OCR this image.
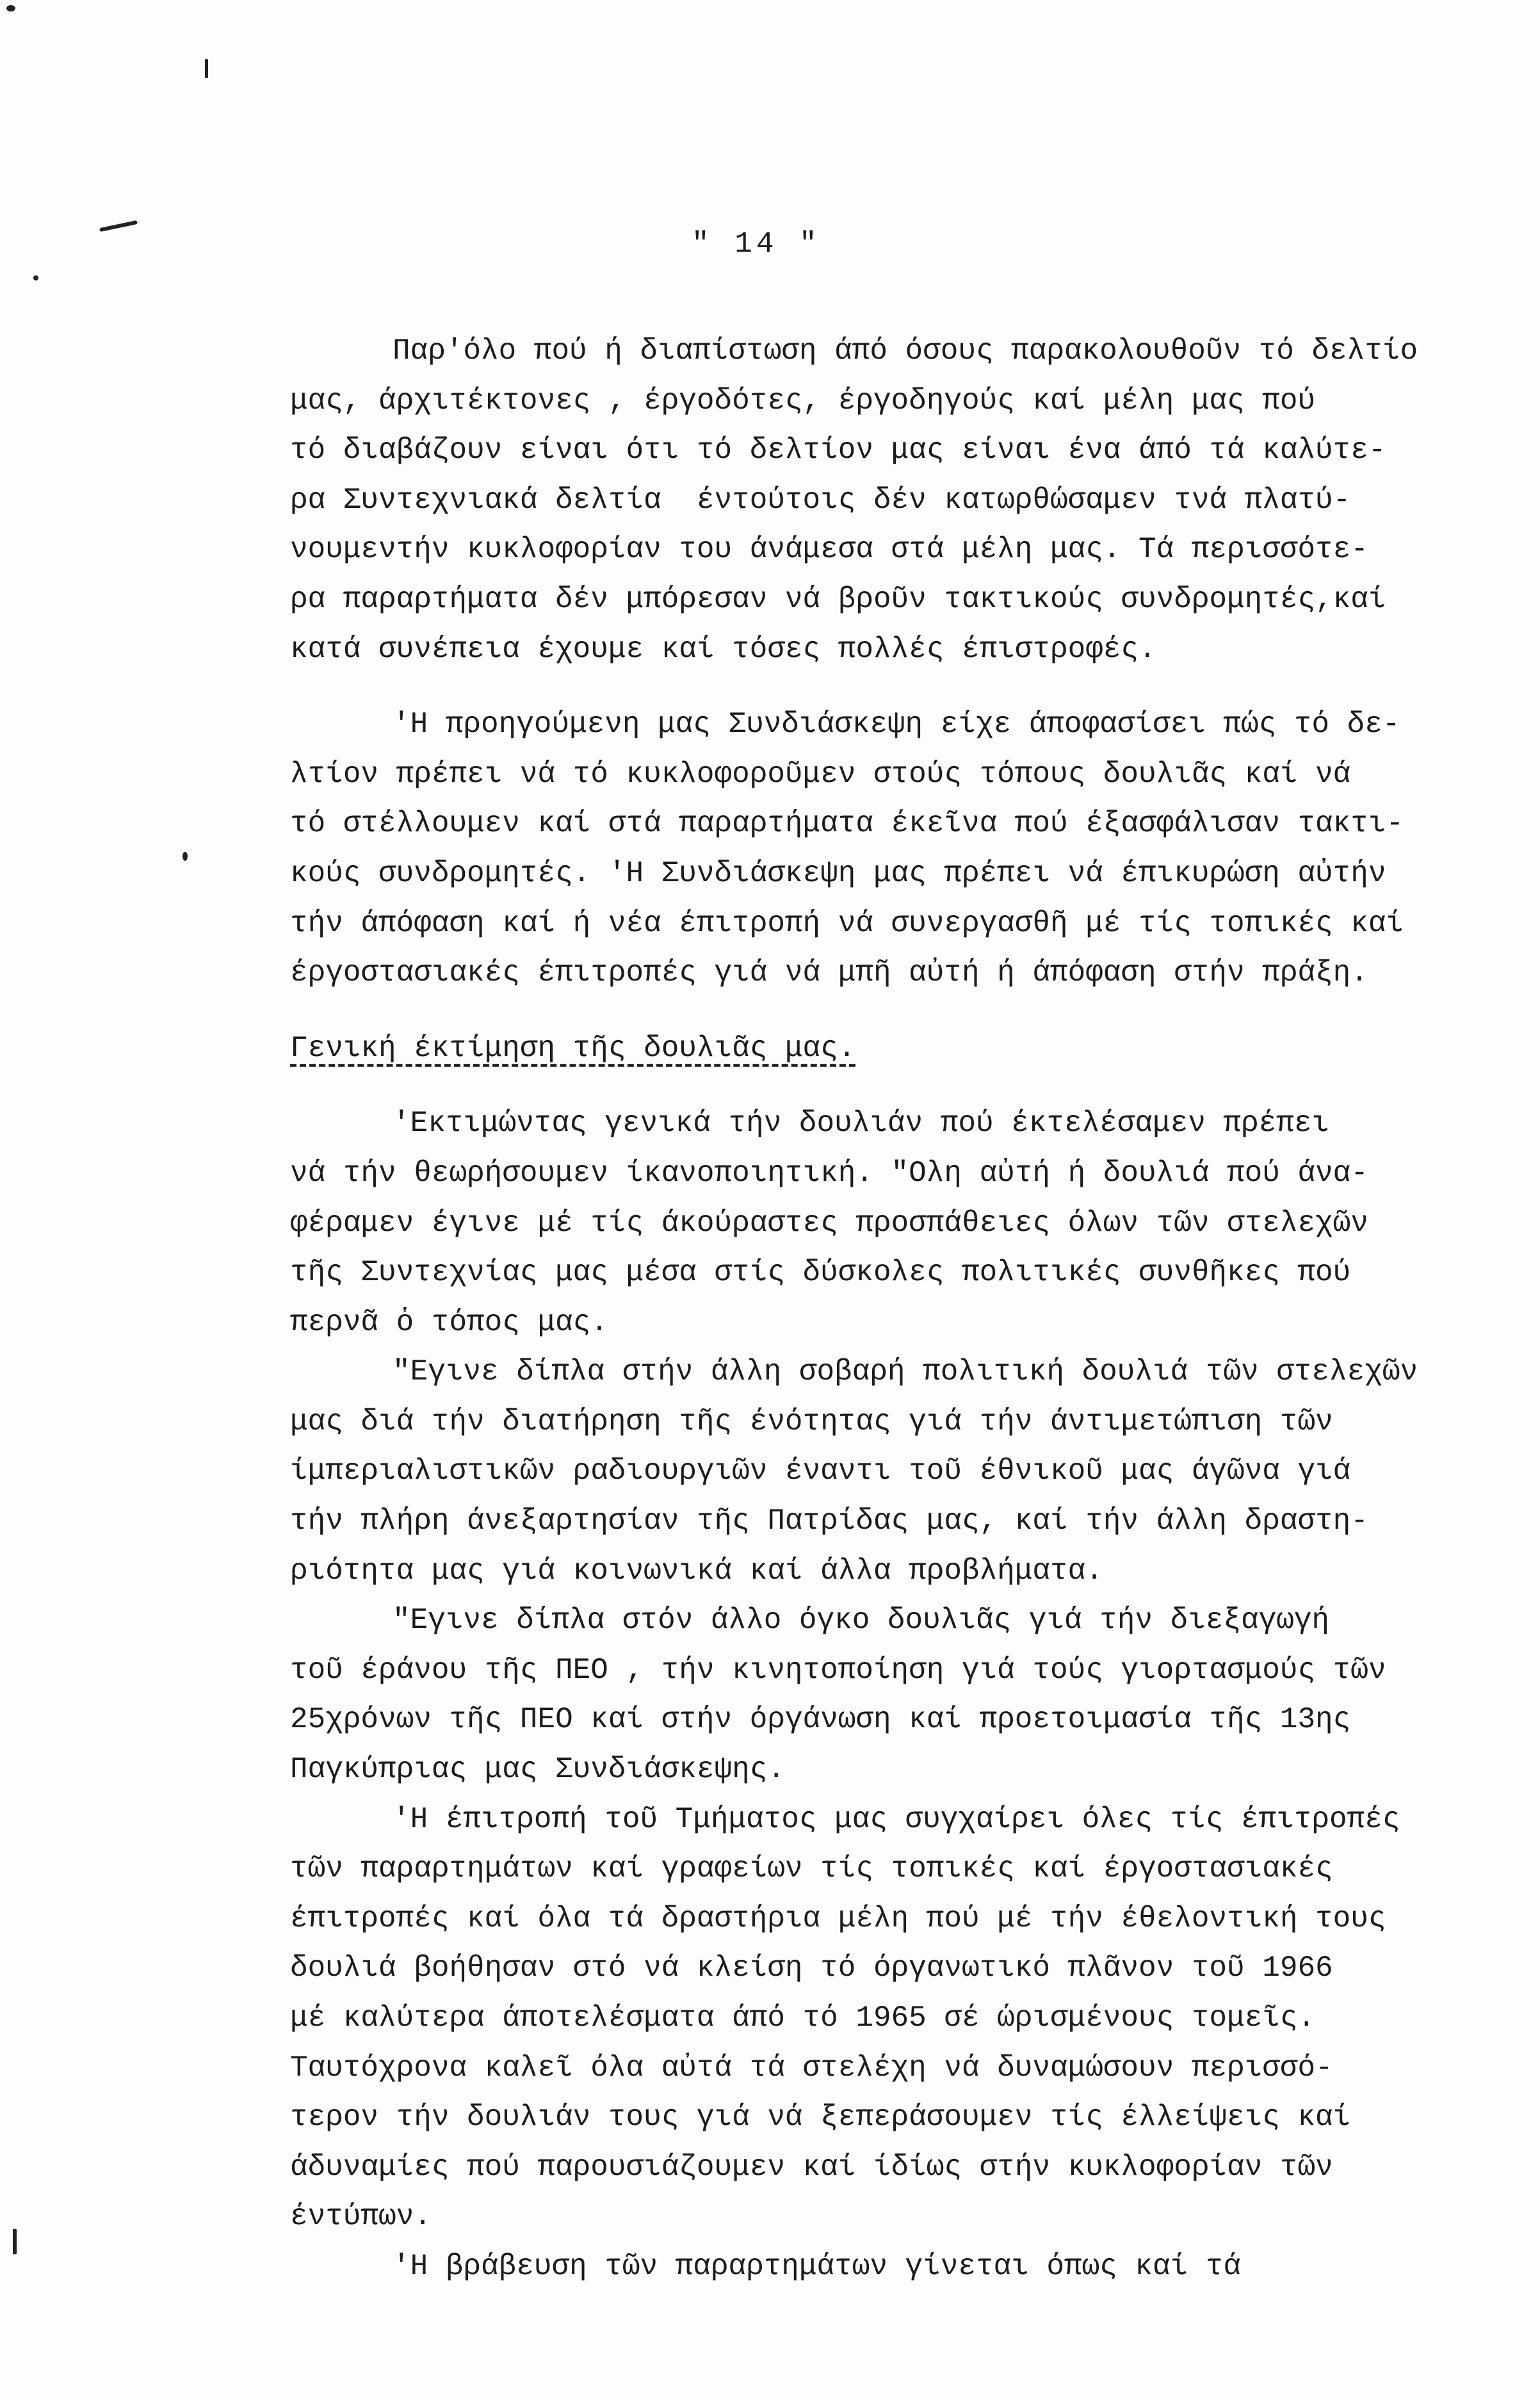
" 14 "
Παρ'όλο πού ή διαπίστωση άπό όσους παρακολουθοῦν τό δελτίο
μας, άρχιτέκτονες , έργοδότες, έργοδηγούς καί μέλη μας πού
τό διαβάζουν είναι ότι τό δελτίον μας είναι ένα άπό τά καλύτε-
ρα Συντεχνιακά δελτία  έντούτοις δέν κατωρθώσαμεν τνά πλατύ-
νουμεντήν κυκλοφορίαν του άνάμεσα στά μέλη μας. Τά περισσότε-
ρα παραρτήματα δέν μπόρεσαν νά βροῦν τακτικούς συνδρομητές,καί
κατά συνέπεια έχουμε καί τόσες πολλές έπιστροφές.
'Η προηγούμενη μας Συνδιάσκεψη είχε άποφασίσει πώς τό δε-
λτίον πρέπει νά τό κυκλοφοροῦμεν στούς τόπους δουλιᾶς καί νά
τό στέλλουμεν καί στά παραρτήματα έκεῖνα πού έξασφάλισαν τακτι-
κούς συνδρομητές. 'Η Συνδιάσκεψη μας πρέπει νά έπικυρώση αὐτήν
τήν άπόφαση καί ή νέα έπιτροπή νά συνεργασθῆ μέ τίς τοπικές καί
έργοστασιακές έπιτροπές γιά νά μπῆ αὐτή ή άπόφαση στήν πράξη.
Γενική έκτίμηση τῆς δουλιᾶς μας.
'Εκτιμώντας γενικά τήν δουλιάν πού έκτελέσαμεν πρέπει
νά τήν θεωρήσουμεν ίκανοποιητική. "Ολη αὐτή ή δουλιά πού άνα-
φέραμεν έγινε μέ τίς άκούραστες προσπάθειες όλων τῶν στελεχῶν
τῆς Συντεχνίας μας μέσα στίς δύσκολες πολιτικές συνθῆκες πού
περνᾶ ὁ τόπος μας.
"Εγινε δίπλα στήν άλλη σοβαρή πολιτική δουλιά τῶν στελεχῶν
μας διά τήν διατήρηση τῆς ένότητας γιά τήν άντιμετώπιση τῶν
ίμπεριαλιστικῶν ραδιουργιῶν έναντι τοῦ έθνικοῦ μας άγῶνα γιά
τήν πλήρη άνεξαρτησίαν τῆς Πατρίδας μας, καί τήν άλλη δραστη-
ριότητα μας γιά κοινωνικά καί άλλα προβλήματα.
"Εγινε δίπλα στόν άλλο όγκο δουλιᾶς γιά τήν διεξαγωγή
τοῦ έράνου τῆς ΠΕΟ , τήν κινητοποίηση γιά τούς γιορτασμούς τῶν
25χρόνων τῆς ΠΕΟ καί στήν όργάνωση καί προετοιμασία τῆς 13ης
Παγκύπριας μας Συνδιάσκεψης.
'Η έπιτροπή τοῦ Τμήματος μας συγχαίρει όλες τίς έπιτροπές
τῶν παραρτημάτων καί γραφείων τίς τοπικές καί έργοστασιακές
έπιτροπές καί όλα τά δραστήρια μέλη πού μέ τήν έθελοντική τους
δουλιά βοήθησαν στό νά κλείση τό όργανωτικό πλᾶνον τοῦ 1966
μέ καλύτερα άποτελέσματα άπό τό 1965 σέ ώρισμένους τομεῖς.
Ταυτόχρονα καλεῖ όλα αὐτά τά στελέχη νά δυναμώσουν περισσό-
τερον τήν δουλιάν τους γιά νά ξεπεράσουμεν τίς έλλείψεις καί
άδυναμίες πού παρουσιάζουμεν καί ίδίως στήν κυκλοφορίαν τῶν
έντύπων.
'Η βράβευση τῶν παραρτημάτων γίνεται όπως καί τά
